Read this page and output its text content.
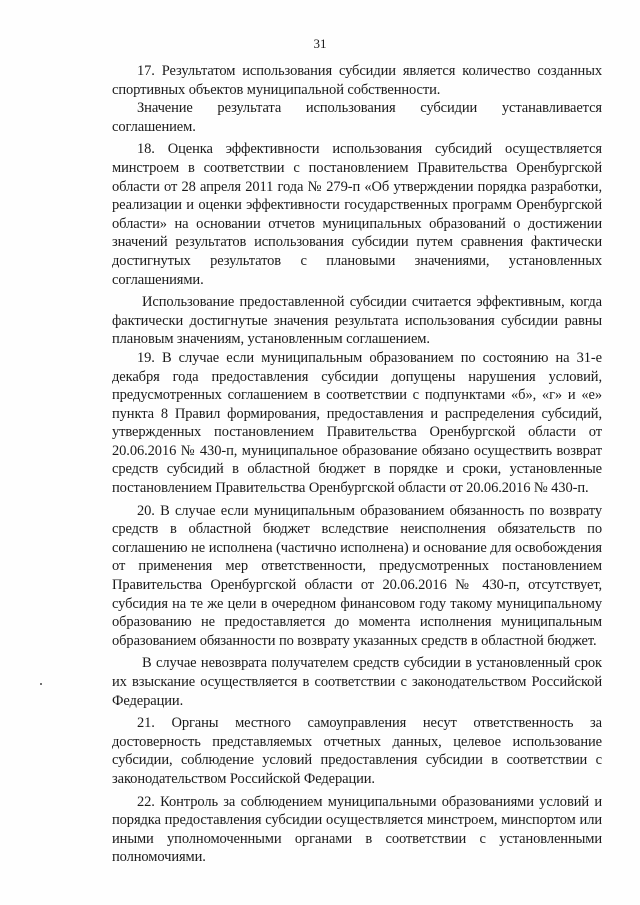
31

17. Результатом использования субсидии является количество созданных спортивных объектов муниципальной собственности.

Значение результата использования субсидии устанавливается соглашением.

18. Оценка эффективности использования субсидий осуществляется минстроем в соответствии с постановлением Правительства Оренбургской области от 28 апреля 2011 года № 279-п «Об утверждении порядка разработки, реализации и оценки эффективности государственных программ Оренбургской области» на основании отчетов муниципальных образований о достижении значений результатов использования субсидии путем сравнения фактически достигнутых результатов с плановыми значениями, установленных соглашениями.

Использование предоставленной субсидии считается эффективным, когда фактически достигнутые значения результата использования субсидии равны плановым значениям, установленным соглашением.

19. В случае если муниципальным образованием по состоянию на 31-е декабря года предоставления субсидии допущены нарушения условий, предусмотренных соглашением в соответствии с подпунктами «б», «г» и «е» пункта 8 Правил формирования, предоставления и распределения субсидий, утвержденных постановлением Правительства Оренбургской области от 20.06.2016 № 430-п, муниципальное образование обязано осуществить возврат средств субсидий в областной бюджет в порядке и сроки, установленные постановлением Правительства Оренбургской области от 20.06.2016 № 430-п.

20. В случае если муниципальным образованием обязанность по возврату средств в областной бюджет вследствие неисполнения обязательств по соглашению не исполнена (частично исполнена) и основание для освобождения от применения мер ответственности, предусмотренных постановлением Правительства Оренбургской области от 20.06.2016 № 430-п, отсутствует, субсидия на те же цели в очередном финансовом году такому муниципальному образованию не предоставляется до момента исполнения муниципальным образованием обязанности по возврату указанных средств в областной бюджет.

В случае невозврата получателем средств субсидии в установленный срок их взыскание осуществляется в соответствии с законодательством Российской Федерации.

21. Органы местного самоуправления несут ответственность за достоверность представляемых отчетных данных, целевое использование субсидии, соблюдение условий предоставления субсидии в соответствии с законодательством Российской Федерации.

22. Контроль за соблюдением муниципальными образованиями условий и порядка предоставления субсидии осуществляется минстроем, минспортом или иными уполномоченными органами в соответствии с установленными полномочиями.
